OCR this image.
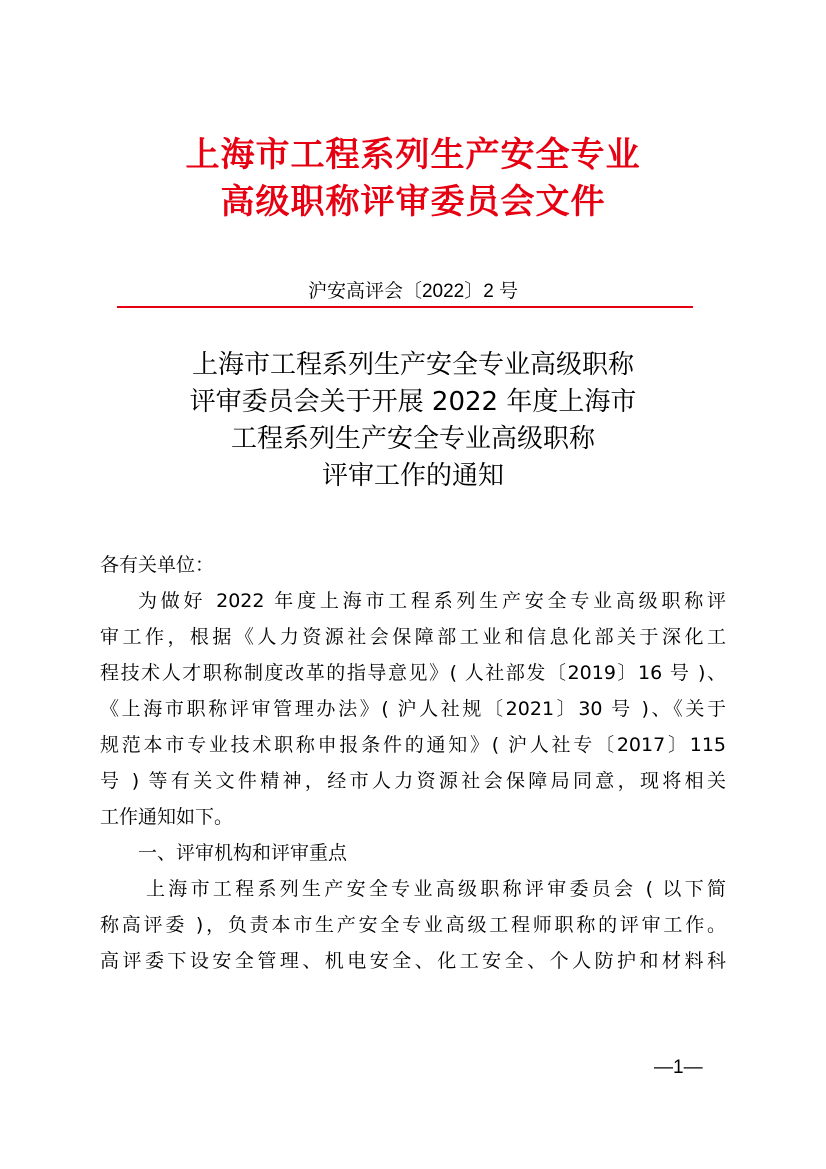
上海市工程系列生产安全专业
高级职称评审委员会文件
沪安高评会〔2022〕2 号
上海市工程系列生产安全专业高级职称
评审委员会关于开展 2022 年度上海市
工程系列生产安全专业高级职称
评审工作的通知
各有关单位：
为做好 2022 年度上海市工程系列生产安全专业高级职称评
审工作，根据《人力资源社会保障部工业和信息化部关于深化工
程技术人才职称制度改革的指导意见》( 人社部发〔2019〕16 号 )、
《上海市职称评审管理办法》( 沪人社规〔2021〕30 号 )、《关于
规范本市专业技术职称申报条件的通知》( 沪人社专〔2017〕115
号 ) 等有关文件精神，经市人力资源社会保障局同意，现将相关
工作通知如下。
一、评审机构和评审重点
上海市工程系列生产安全专业高级职称评审委员会 ( 以下简
称高评委 )，负责本市生产安全专业高级工程师职称的评审工作。
高评委下设安全管理、机电安全、化工安全、个人防护和材料科
—1—
